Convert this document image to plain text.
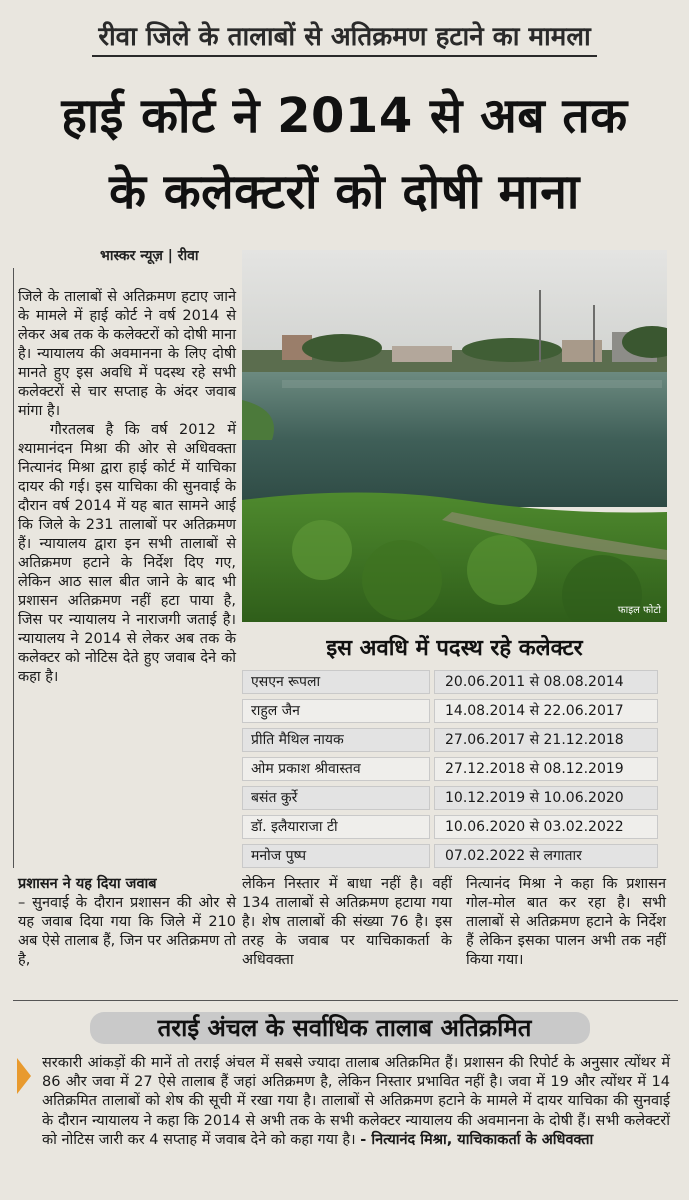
रीवा जिले के तालाबों से अतिक्रमण हटाने का मामला
हाई कोर्ट ने 2014 से अब तक
के कलेक्टरों को दोषी माना
भास्कर न्यूज़ | रीवा

जिले के तालाबों से अतिक्रमण हटाए जाने के मामले में हाई कोर्ट ने वर्ष 2014 से लेकर अब तक के कलेक्टरों को दोषी माना है। न्यायालय की अवमानना के लिए दोषी मानते हुए इस अवधि में पदस्थ रहे सभी कलेक्टरों से चार सप्ताह के अंदर जवाब मांगा है।

गौरतलब है कि वर्ष 2012 में श्यामानंदन मिश्रा की ओर से अधिवक्ता नित्यानंद मिश्रा द्वारा हाई कोर्ट में याचिका दायर की गई। इस याचिका की सुनवाई के दौरान वर्ष 2014 में यह बात सामने आई कि जिले के 231 तालाबों पर अतिक्रमण हैं। न्यायालय द्वारा इन सभी तालाबों से अतिक्रमण हटाने के निर्देश दिए गए, लेकिन आठ साल बीत जाने के बाद भी प्रशासन अतिक्रमण नहीं हटा पाया है, जिस पर न्यायालय ने नाराजगी जताई है। न्यायालय ने 2014 से लेकर अब तक के कलेक्टर को नोटिस देते हुए जवाब देने को कहा है।

फाइल फोटो
इस अवधि में पदस्थ रहे कलेक्टर
एसएन रूपला	20.06.2011 से 08.08.2014
राहुल जैन	14.08.2014 से 22.06.2017
प्रीति मैथिल नायक	27.06.2017 से 21.12.2018
ओम प्रकाश श्रीवास्तव	27.12.2018 से 08.12.2019
बसंत कुर्रे	10.12.2019 से 10.06.2020
डॉ. इलैयाराजा टी	10.06.2020 से 03.02.2022
मनोज पुष्प	07.02.2022 से लगातार

प्रशासन ने यह दिया जवाब

– सुनवाई के दौरान प्रशासन की ओर से यह जवाब दिया गया कि जिले में 210 अब ऐसे तालाब हैं, जिन पर अतिक्रमण तो है,

लेकिन निस्तार में बाधा नहीं है। वहीं 134 तालाबों से अतिक्रमण हटाया गया है। शेष तालाबों की संख्या 76 है। इस तरह के जवाब पर याचिकाकर्ता के अधिवक्ता

नित्यानंद मिश्रा ने कहा कि प्रशासन गोल-मोल बात कर रहा है। सभी तालाबों से अतिक्रमण हटाने के निर्देश हैं लेकिन इसका पालन अभी तक नहीं किया गया।

तराई अंचल के सर्वाधिक तालाब अतिक्रमित
सरकारी आंकड़ों की मानें तो तराई अंचल में सबसे ज्यादा तालाब अतिक्रमित हैं। प्रशासन की रिपोर्ट के अनुसार त्योंथर में 86 और जवा में 27 ऐसे तालाब हैं जहां अतिक्रमण है, लेकिन निस्तार प्रभावित नहीं है। जवा में 19 और त्योंथर में 14 अतिक्रमित तालाबों को शेष की सूची में रखा गया है। तालाबों से अतिक्रमण हटाने के मामले में दायर याचिका की सुनवाई के दौरान न्यायालय ने कहा कि 2014 से अभी तक के सभी कलेक्टर न्यायालय की अवमानना के दोषी हैं। सभी कलेक्टरों को नोटिस जारी कर 4 सप्ताह में जवाब देने को कहा गया है। - नित्यानंद मिश्रा, याचिकाकर्ता के अधिवक्ता
